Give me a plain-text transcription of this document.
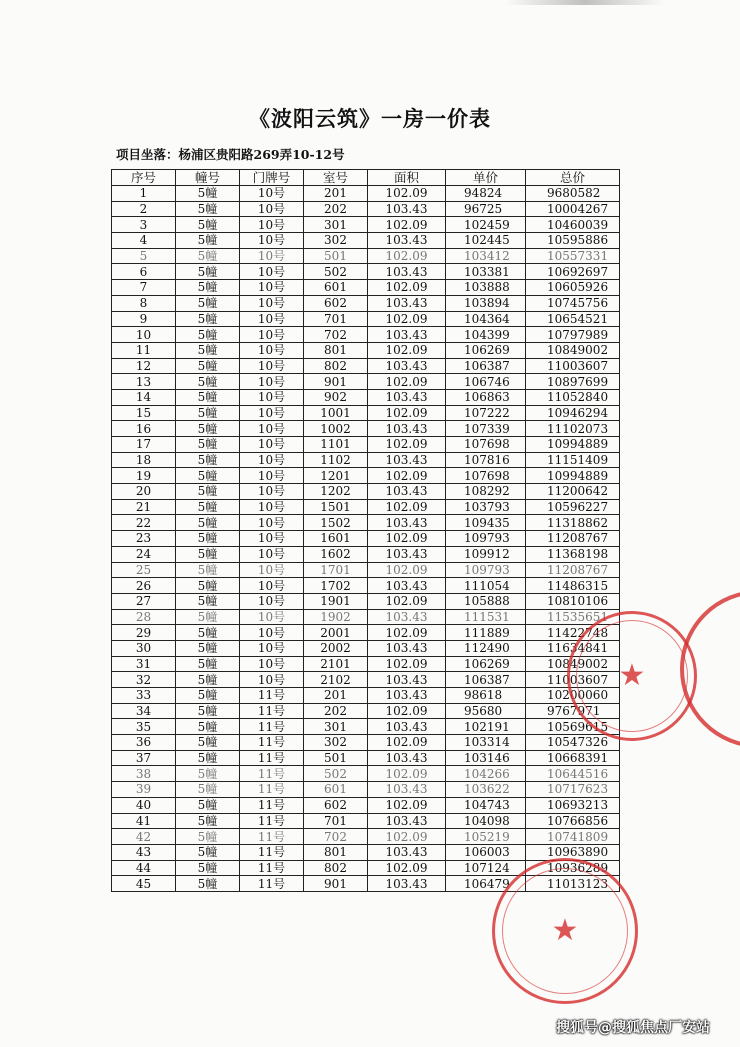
《波阳云筑》一房一价表
项目坐落：杨浦区贵阳路269弄10-12号
序号	幢号	门牌号	室号	面积	单价	总价
1	5幢	10号	201	102.09	94824	9680582
2	5幢	10号	202	103.43	96725	10004267
3	5幢	10号	301	102.09	102459	10460039
4	5幢	10号	302	103.43	102445	10595886
5	5幢	10号	501	102.09	103412	10557331
6	5幢	10号	502	103.43	103381	10692697
7	5幢	10号	601	102.09	103888	10605926
8	5幢	10号	602	103.43	103894	10745756
9	5幢	10号	701	102.09	104364	10654521
10	5幢	10号	702	103.43	104399	10797989
11	5幢	10号	801	102.09	106269	10849002
12	5幢	10号	802	103.43	106387	11003607
13	5幢	10号	901	102.09	106746	10897699
14	5幢	10号	902	103.43	106863	11052840
15	5幢	10号	1001	102.09	107222	10946294
16	5幢	10号	1002	103.43	107339	11102073
17	5幢	10号	1101	102.09	107698	10994889
18	5幢	10号	1102	103.43	107816	11151409
19	5幢	10号	1201	102.09	107698	10994889
20	5幢	10号	1202	103.43	108292	11200642
21	5幢	10号	1501	102.09	103793	10596227
22	5幢	10号	1502	103.43	109435	11318862
23	5幢	10号	1601	102.09	109793	11208767
24	5幢	10号	1602	103.43	109912	11368198
25	5幢	10号	1701	102.09	109793	11208767
26	5幢	10号	1702	103.43	111054	11486315
27	5幢	10号	1901	102.09	105888	10810106
28	5幢	10号	1902	103.43	111531	11535651
29	5幢	10号	2001	102.09	111889	11422748
30	5幢	10号	2002	103.43	112490	11634841
31	5幢	10号	2101	102.09	106269	10849002
32	5幢	10号	2102	103.43	106387	11003607
33	5幢	11号	201	103.43	98618	10200060
34	5幢	11号	202	102.09	95680	9767971
35	5幢	11号	301	103.43	102191	10569615
36	5幢	11号	302	102.09	103314	10547326
37	5幢	11号	501	103.43	103146	10668391
38	5幢	11号	502	102.09	104266	10644516
39	5幢	11号	601	103.43	103622	10717623
40	5幢	11号	602	102.09	104743	10693213
41	5幢	11号	701	103.43	104098	10766856
42	5幢	11号	702	102.09	105219	10741809
43	5幢	11号	801	103.43	106003	10963890
44	5幢	11号	802	102.09	107124	10936289
45	5幢	11号	901	103.43	106479	11013123
★
★
搜狐号@搜狐焦点厂安站
